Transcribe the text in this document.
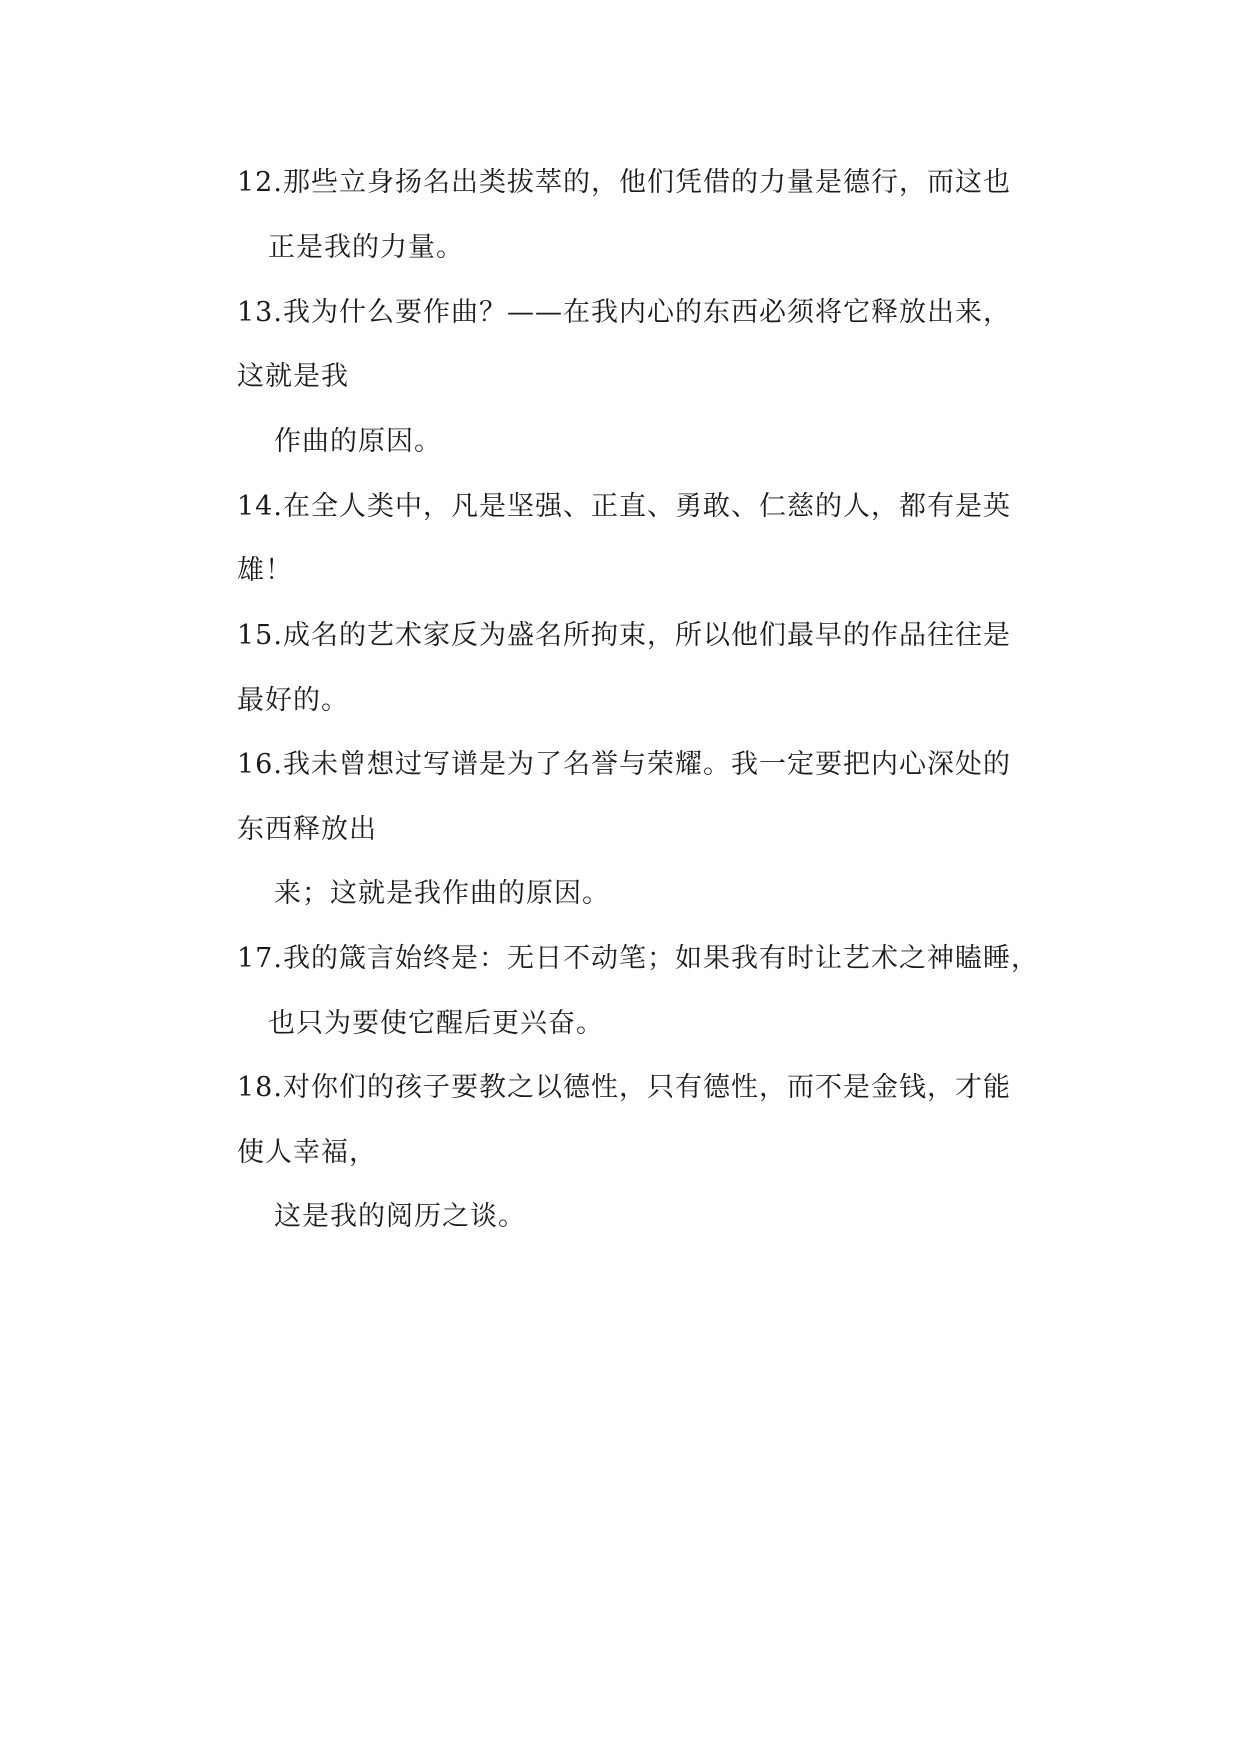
12.那些立身扬名出类拔萃的，他们凭借的力量是德行，而这也
正是我的力量。
13.我为什么要作曲？——在我内心的东西必须将它释放出来，
这就是我
作曲的原因。
14.在全人类中，凡是坚强、正直、勇敢、仁慈的人，都有是英
雄！
15.成名的艺术家反为盛名所拘束，所以他们最早的作品往往是
最好的。
16.我未曾想过写谱是为了名誉与荣耀。我一定要把内心深处的
东西释放出
来；这就是我作曲的原因。
17.我的箴言始终是：无日不动笔；如果我有时让艺术之神瞌睡，
也只为要使它醒后更兴奋。
18.对你们的孩子要教之以德性，只有德性，而不是金钱，才能
使人幸福，
这是我的阅历之谈。
